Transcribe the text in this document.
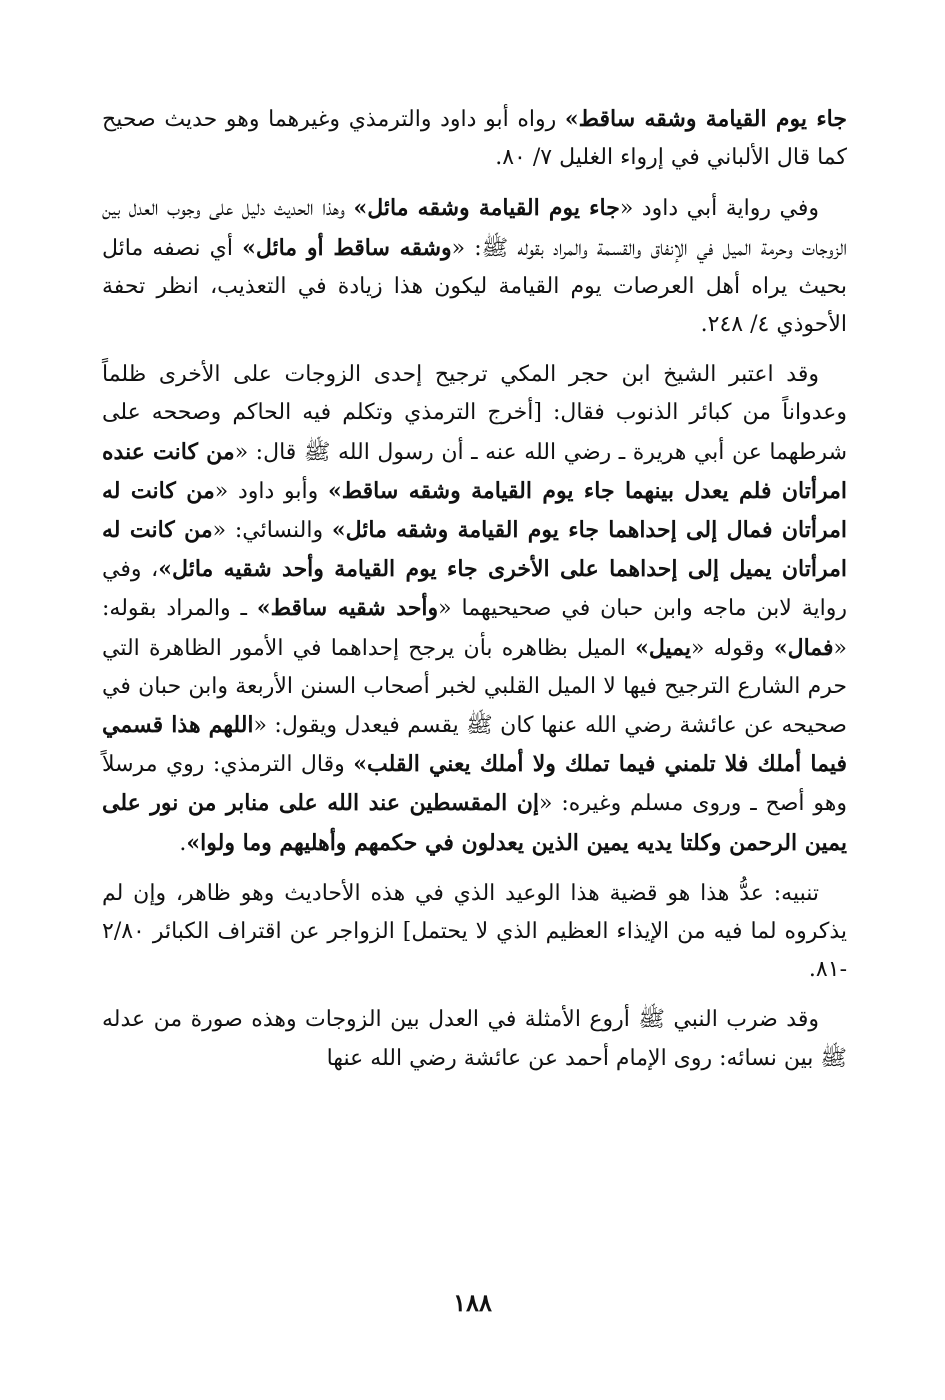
جاء يوم القيامة وشقه ساقط» رواه أبو داود والترمذي وغيرهما وهو حديث صحيح كما قال الألباني في إرواء الغليل ٧/ ٨٠.

وفي رواية أبي داود «جاء يوم القيامة وشقه مائل» وهذا الحديث دليل على وجوب العدل بين الزوجات وحرمة الميل في الإنفاق والقسمة والمراد بقوله ﷺ: «وشقه ساقط أو مائل» أي نصفه مائل بحيث يراه أهل العرصات يوم القيامة ليكون هذا زيادة في التعذيب، انظر تحفة الأحوذي ٤/ ٢٤٨.

وقد اعتبر الشيخ ابن حجر المكي ترجيح إحدى الزوجات على الأخرى ظلماً وعدواناً من كبائر الذنوب فقال: [أخرج الترمذي وتكلم فيه الحاكم وصححه على شرطهما عن أبي هريرة ـ رضي الله عنه ـ أن رسول الله ﷺ قال: «من كانت عنده امرأتان فلم يعدل بينهما جاء يوم القيامة وشقه ساقط» وأبو داود «من كانت له امرأتان فمال إلى إحداهما جاء يوم القيامة وشقه مائل» والنسائي: «من كانت له امرأتان يميل إلى إحداهما على الأخرى جاء يوم القيامة وأحد شقيه مائل»، وفي رواية لابن ماجه وابن حبان في صحيحيهما «وأحد شقيه ساقط» ـ والمراد بقوله: «فمال» وقوله «يميل» الميل بظاهره بأن يرجح إحداهما في الأمور الظاهرة التي حرم الشارع الترجيح فيها لا الميل القلبي لخبر أصحاب السنن الأربعة وابن حبان في صحيحه عن عائشة رضي الله عنها كان ﷺ يقسم فيعدل ويقول: «اللهم هذا قسمي فيما أملك فلا تلمني فيما تملك ولا أملك يعني القلب» وقال الترمذي: روي مرسلاً وهو أصح ـ وروى مسلم وغيره: «إن المقسطين عند الله على منابر من نور على يمين الرحمن وكلتا يديه يمين الذين يعدلون في حكمهم وأهليهم وما ولوا».

تنبيه: عدُّ هذا هو قضية هذا الوعيد الذي في هذه الأحاديث وهو ظاهر، وإن لم يذكروه لما فيه من الإيذاء العظيم الذي لا يحتمل] الزواجر عن اقتراف الكبائر ٢/٨٠ -٨١.

وقد ضرب النبي ﷺ أروع الأمثلة في العدل بين الزوجات وهذه صورة من عدله ﷺ بين نسائه: روى الإمام أحمد عن عائشة رضي الله عنها

١٨٨
